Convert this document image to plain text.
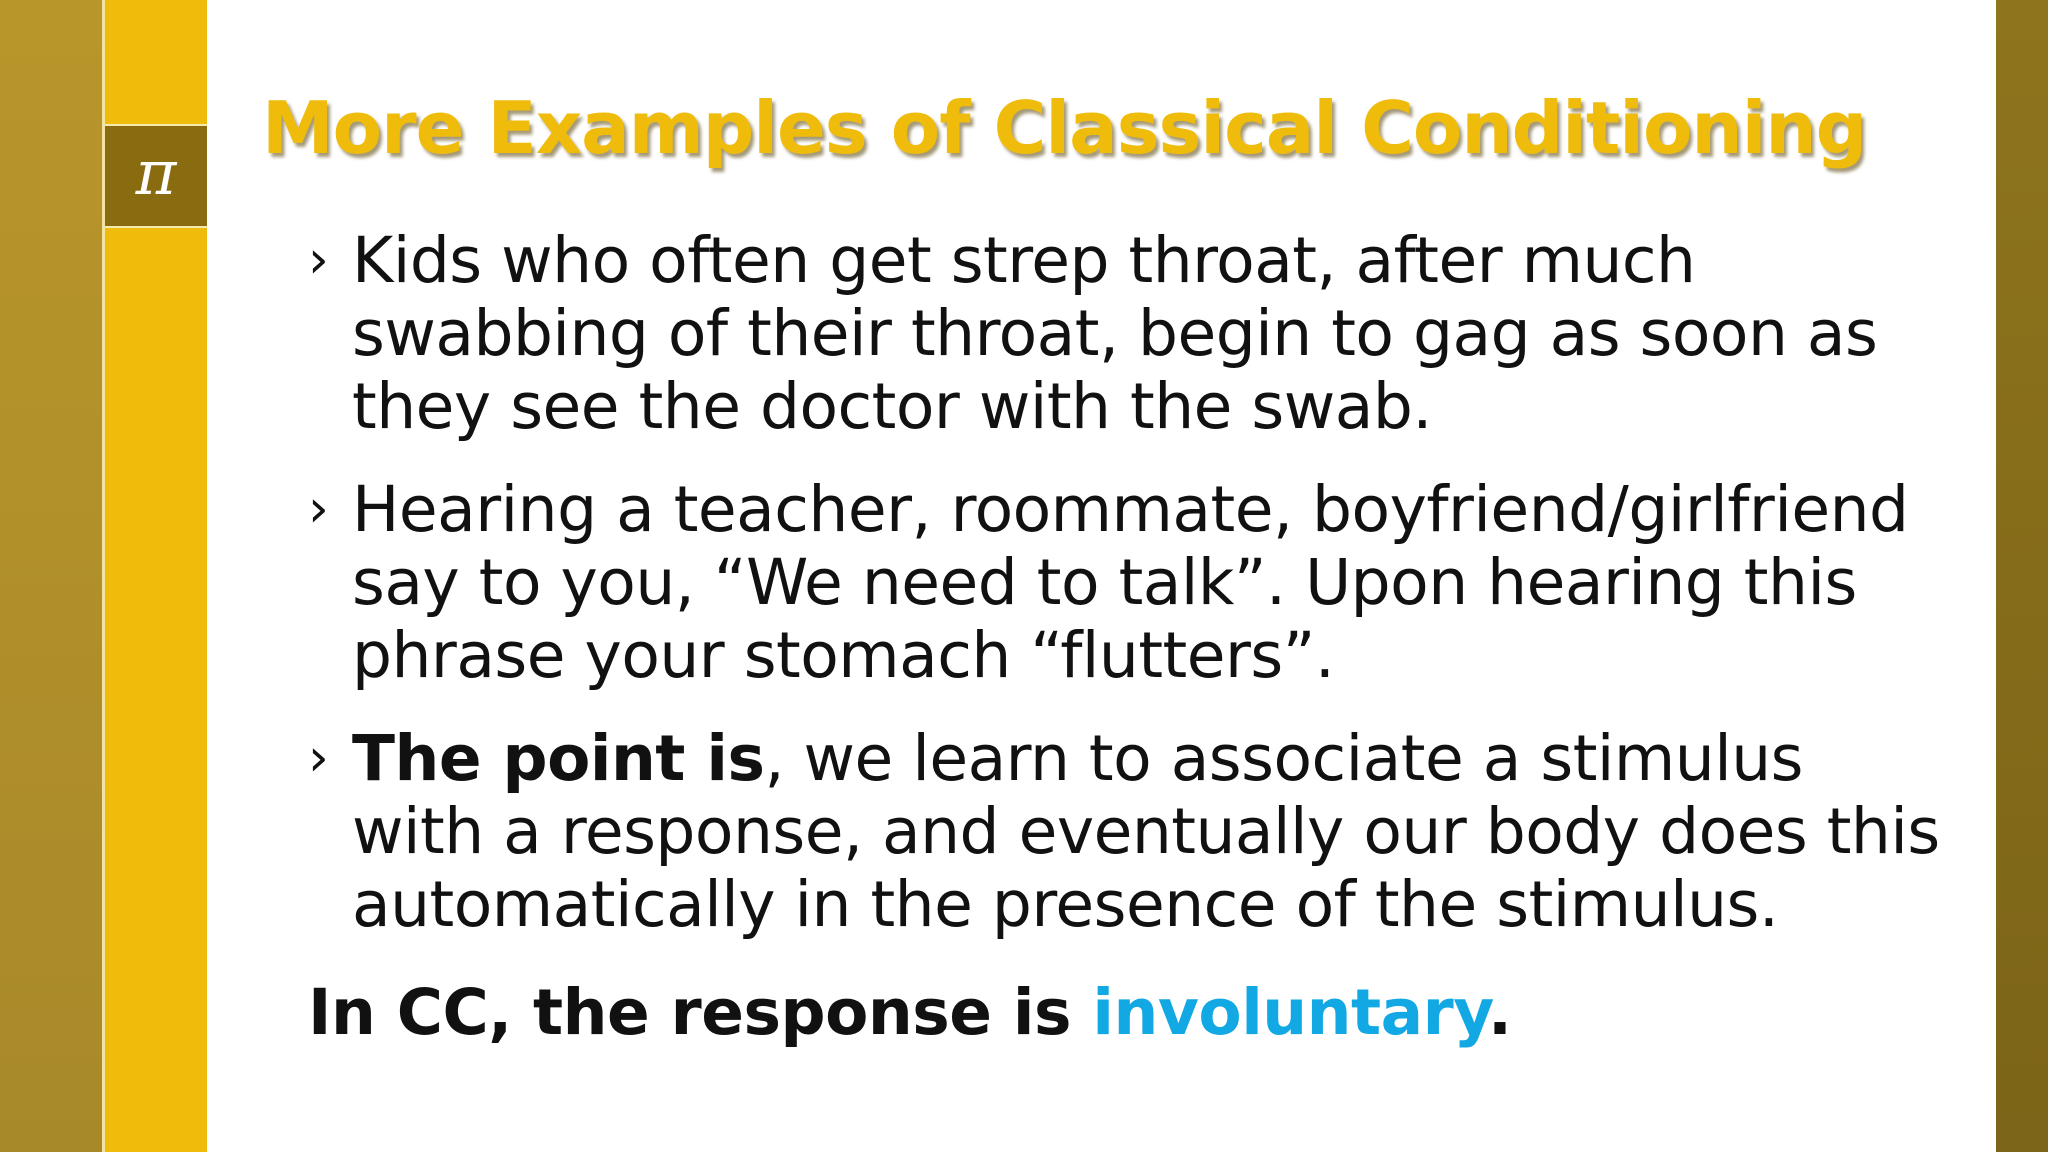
π
More Examples of Classical Conditioning
› Kids who often get strep throat, after much swabbing of their throat, begin to gag as soon as they see the doctor with the swab.
› Hearing a teacher, roommate, boyfriend/girlfriend say to you, “We need to talk”. Upon hearing this phrase your stomach “flutters”.
› The point is, we learn to associate a stimulus with a response, and eventually our body does this automatically in the presence of the stimulus.

In CC, the response is involuntary.
